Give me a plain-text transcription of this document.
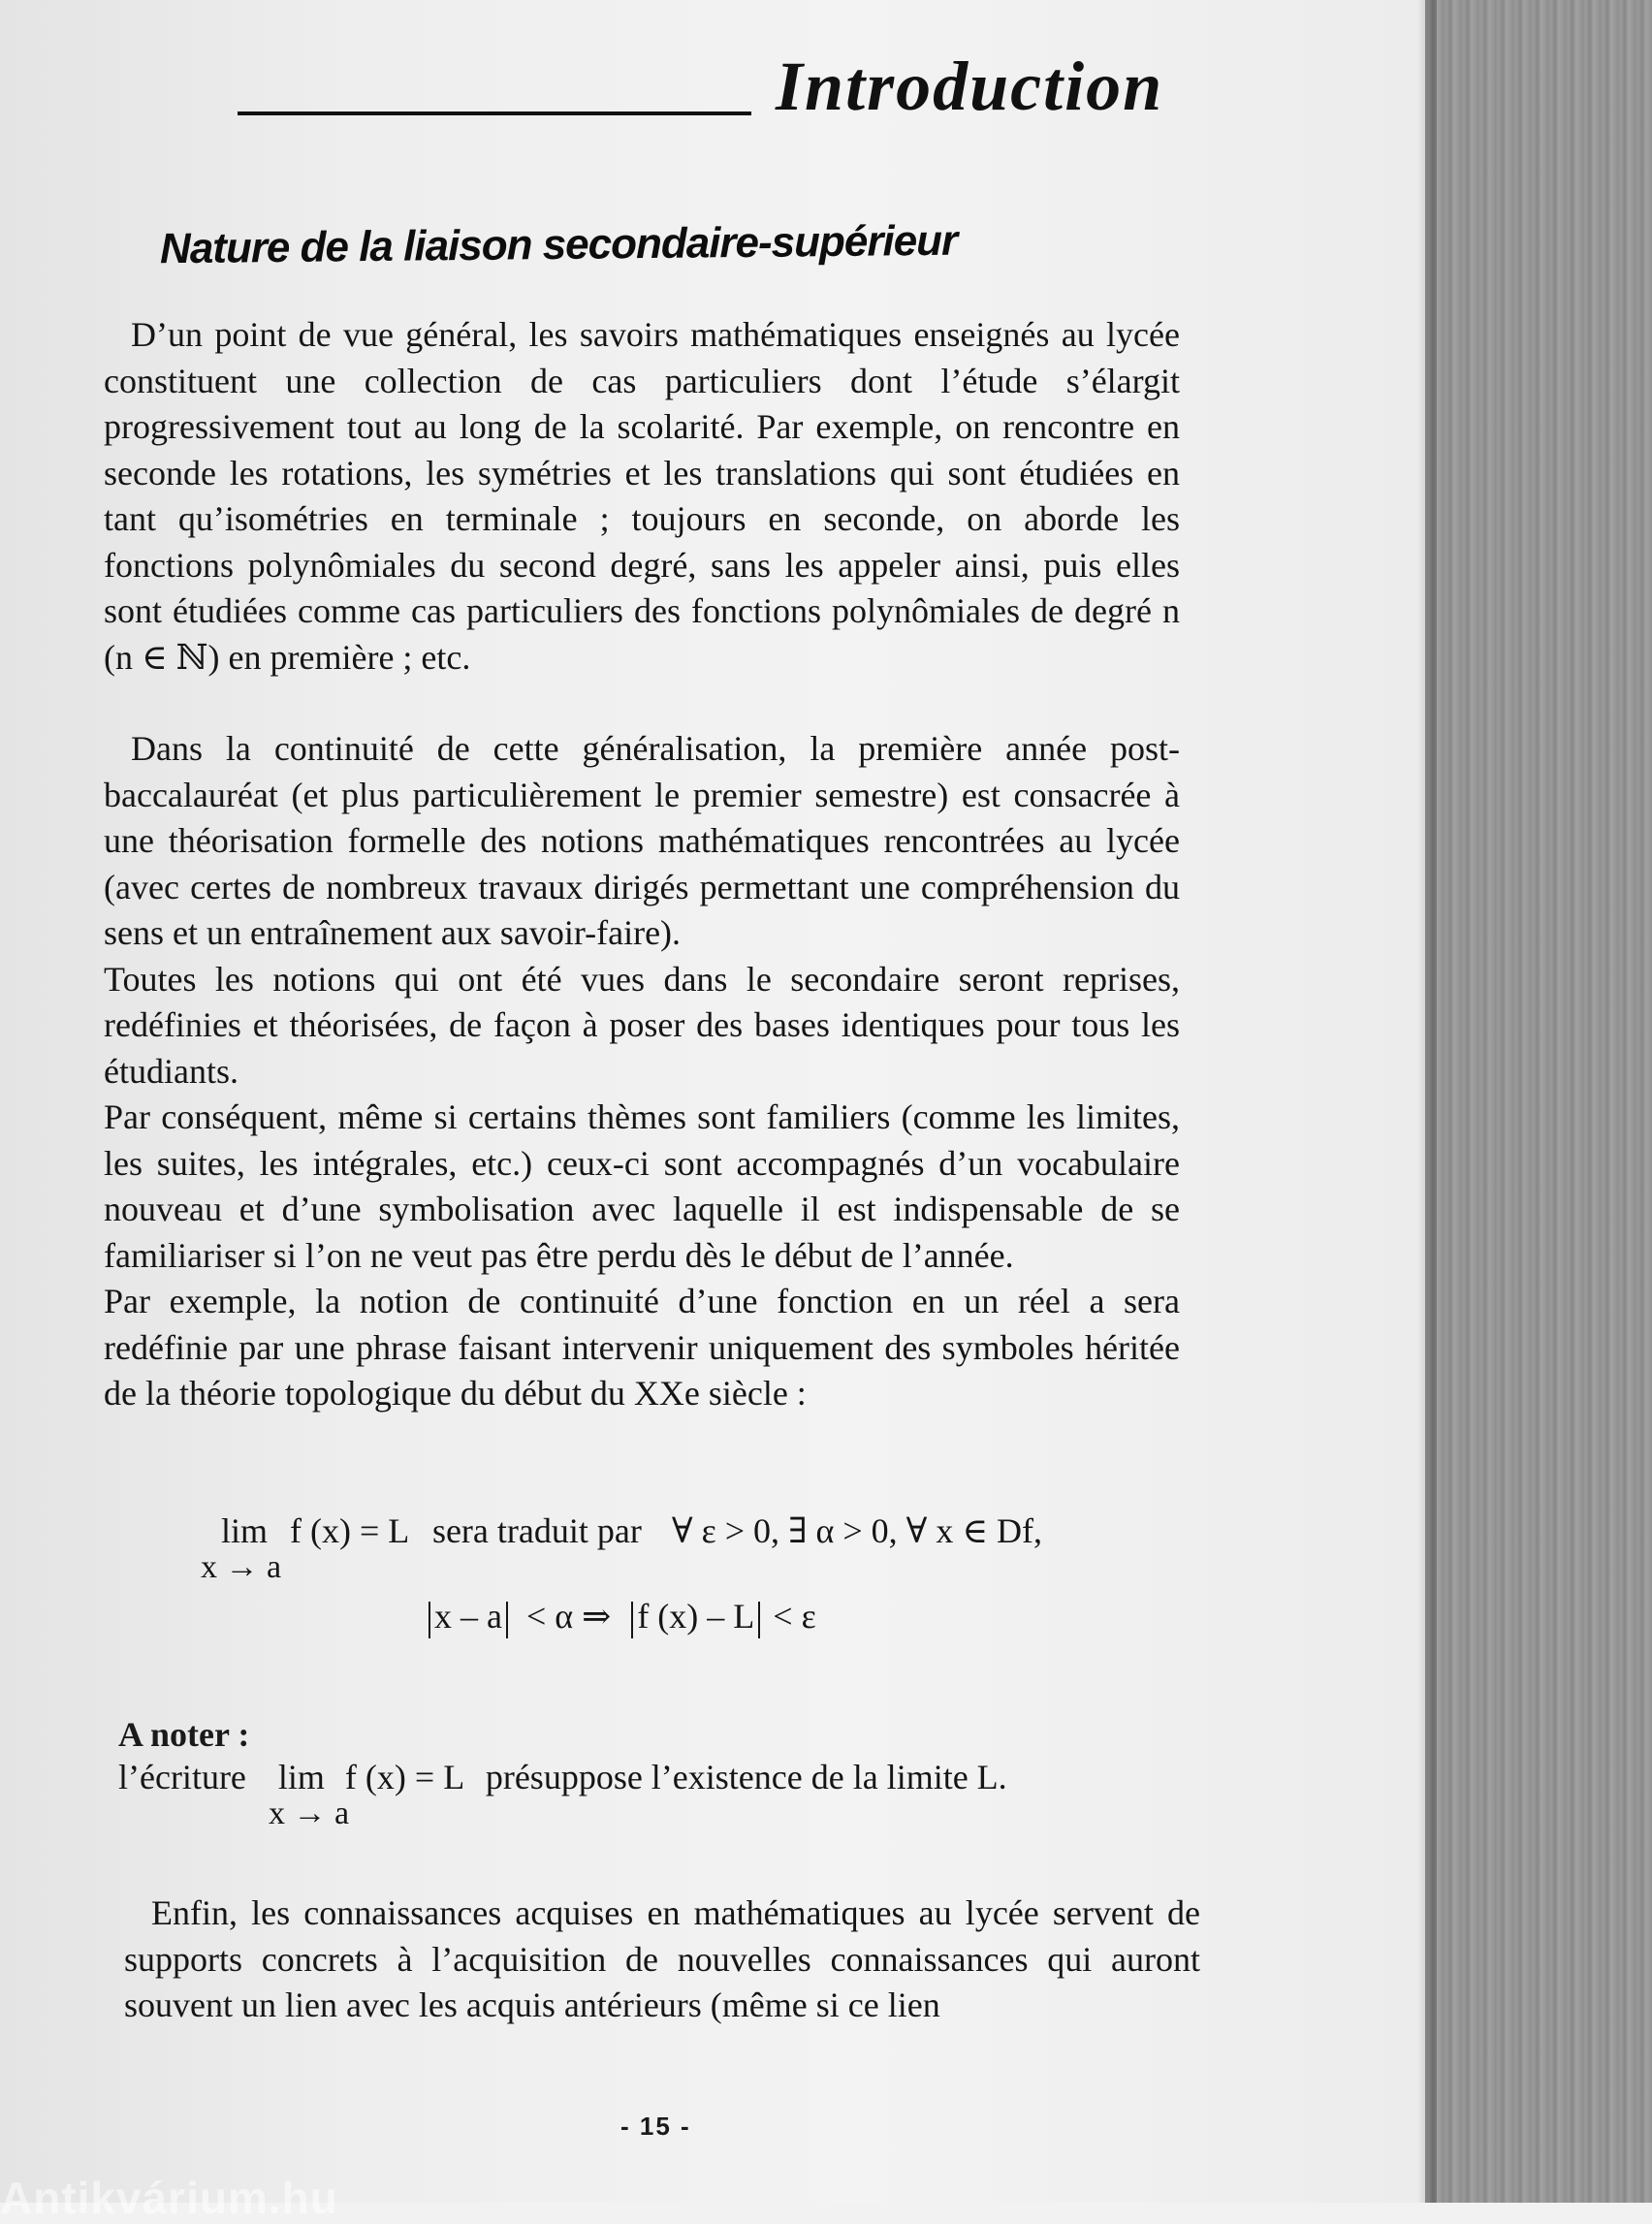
Introduction
Nature de la liaison secondaire-supérieur

D’un point de vue général, les savoirs mathématiques enseignés au lycée constituent une collection de cas particuliers dont l’étude s’élargit progressivement tout au long de la scolarité. Par exemple, on rencontre en seconde les rotations, les symétries et les translations qui sont étudiées en tant qu’isométries en terminale ; toujours en seconde, on aborde les fonctions polynômiales du second degré, sans les appeler ainsi, puis elles sont étudiées comme cas particuliers des fonctions polynômiales de degré n (n ∈ ℕ) en première ; etc.

Dans la continuité de cette généralisation, la première année post-baccalauréat (et plus particulièrement le premier semestre) est consacrée à une théorisation formelle des notions mathématiques rencontrées au lycée (avec certes de nombreux travaux dirigés permettant une compréhension du sens et un entraînement aux savoir-faire).

Toutes les notions qui ont été vues dans le secondaire seront reprises, redéfinies et théorisées, de façon à poser des bases identiques pour tous les étudiants.

Par conséquent, même si certains thèmes sont familiers (comme les limites, les suites, les intégrales, etc.) ceux-ci sont accompagnés d’un vocabulaire nouveau et d’une symbolisation avec laquelle il est indispensable de se familiariser si l’on ne veut pas être perdu dès le début de l’année.

Par exemple, la notion de continuité d’une fonction en un réel a sera redéfinie par une phrase faisant intervenir uniquement des symboles héritée de la théorie topologique du début du XXe siècle :

lim f (x) = L sera traduit par ∀ ε > 0, ∃ α > 0, ∀ x ∈ Df,
x → a
x – a < α ⇒ f (x) – L < ε
A noter :
l’écriture lim f (x) = L présuppose l’existence de la limite L.
x → a

Enfin, les connaissances acquises en mathématiques au lycée servent de supports concrets à l’acquisition de nouvelles connaissances qui auront souvent un lien avec les acquis antérieurs (même si ce lien

- 15 -
Antikvárium.hu
